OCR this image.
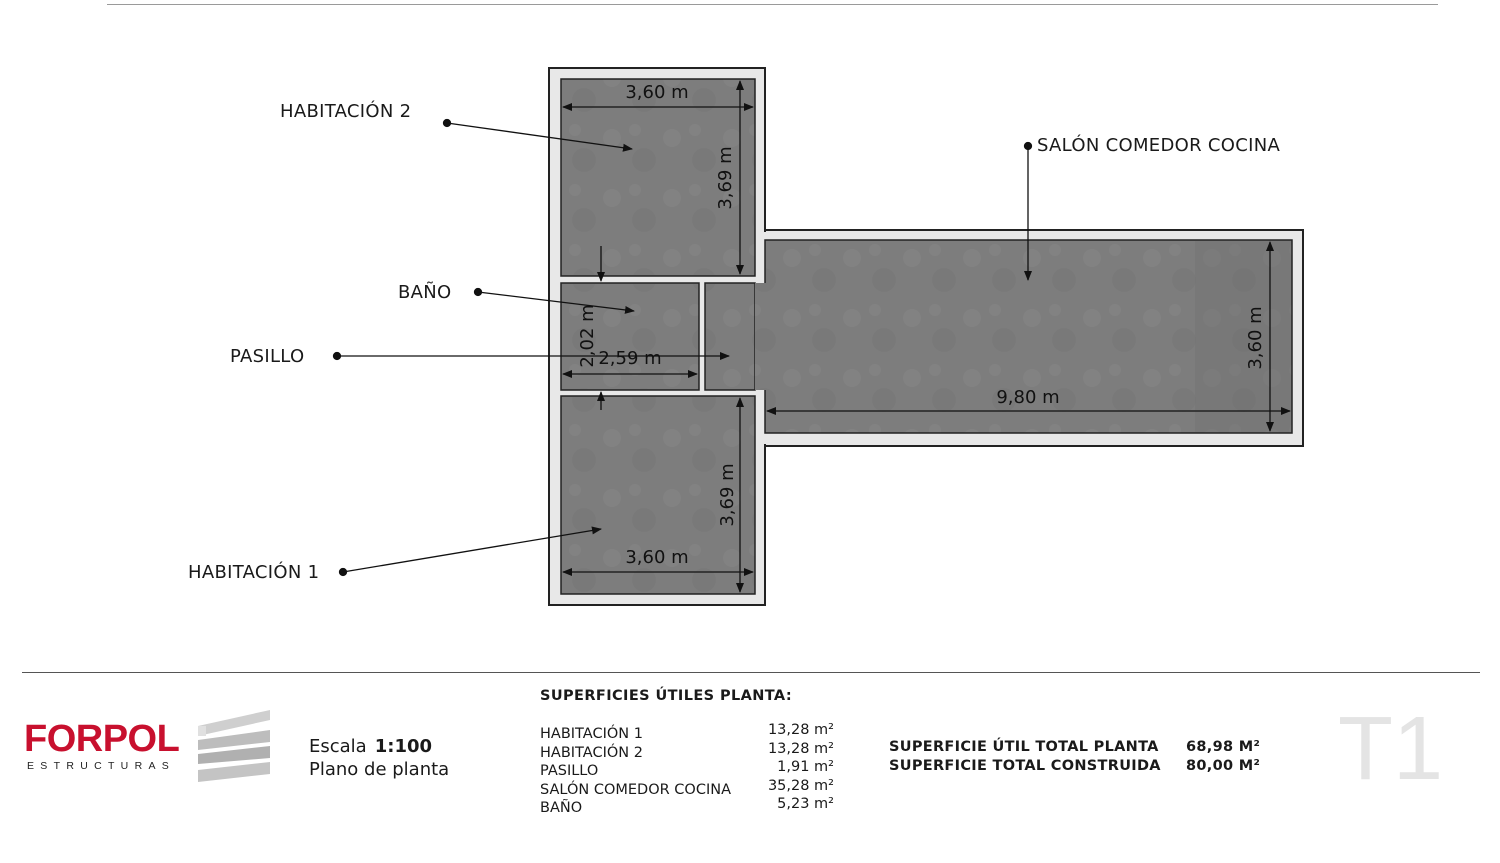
3,60 m
3,69 m
2,02 m 2,59 m
3,69 m
3,60 m
9,80 m
3,60 m
HABITACIÓN 2
BAÑO
PASILLO
HABITACIÓN 1
SALÓN COMEDOR COCINA
FORPOL
ESTRUCTURAS
Escala 1:100
Plano de planta
SUPERFICIES ÚTILES PLANTA:
HABITACIÓN 1	13,28 m²
HABITACIÓN 2	13,28 m²
PASILLO	1,91 m²
SALÓN COMEDOR COCINA	35,28 m²
BAÑO	5,23 m²
SUPERFICIE ÚTIL TOTAL PLANTA 68,98 M²
SUPERFICIE TOTAL CONSTRUIDA 80,00 M² T1
